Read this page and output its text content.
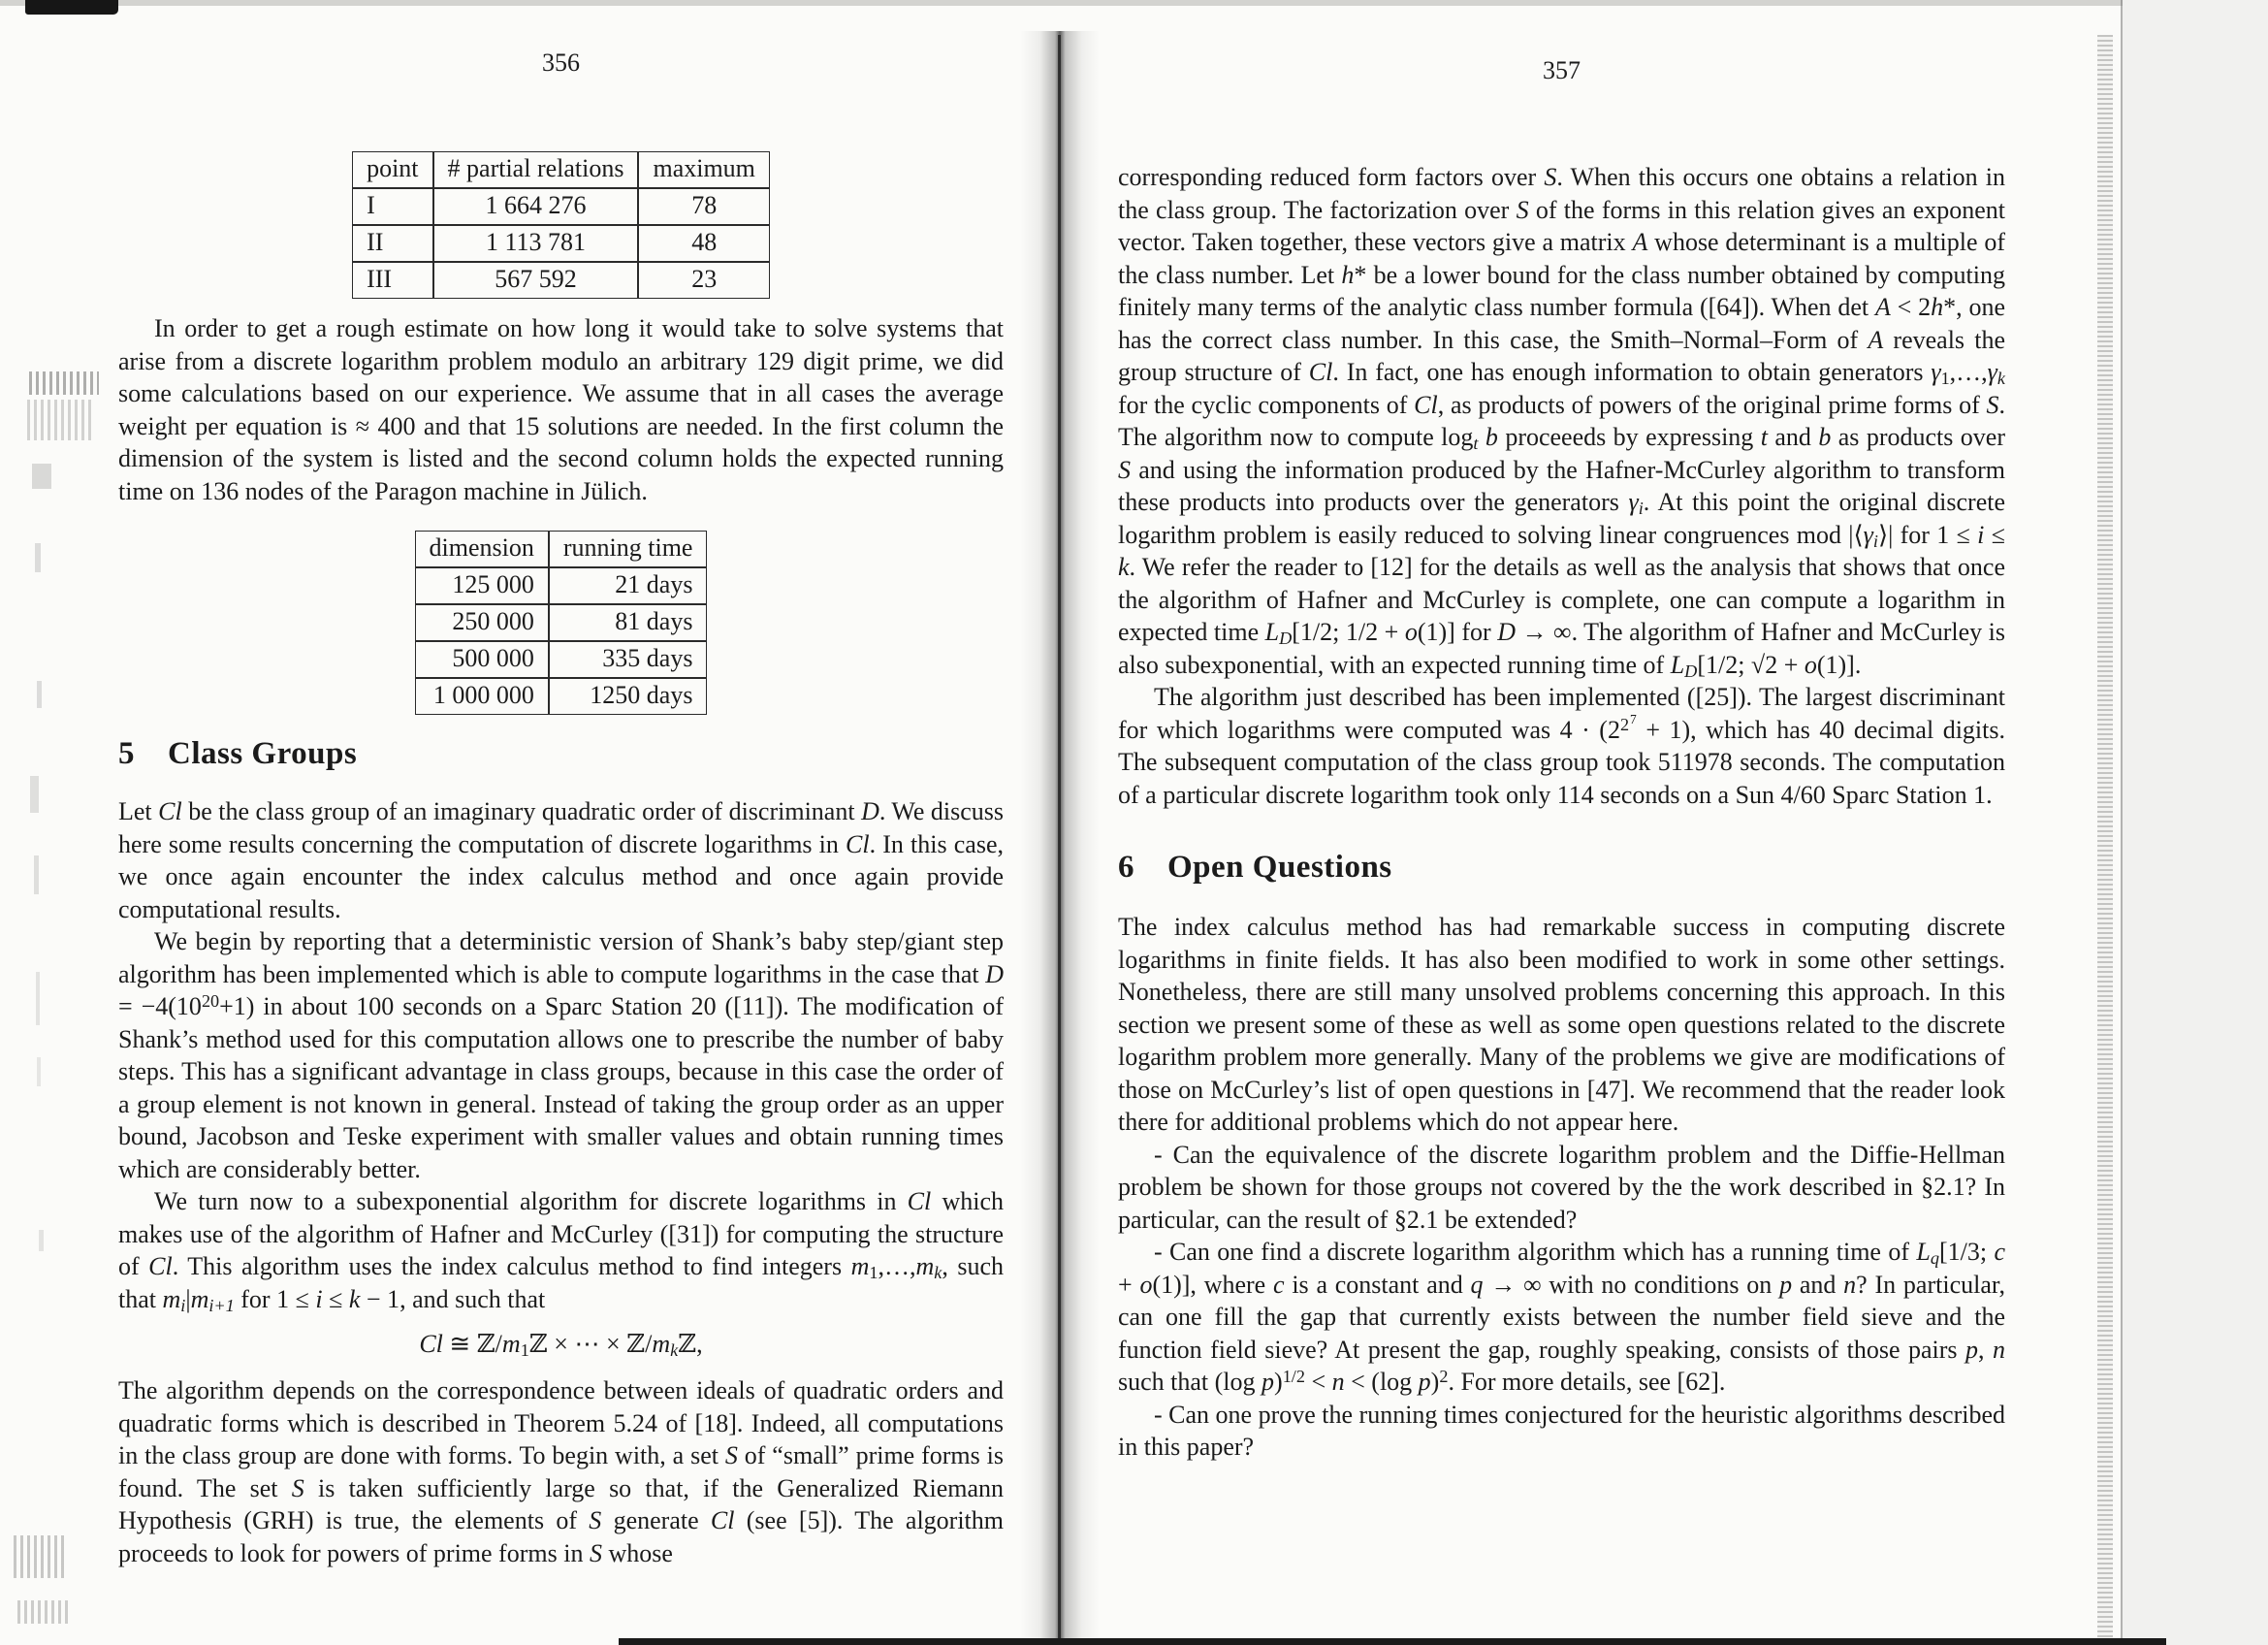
356
point	# partial relations	maximum
I	1 664 276	78
II	1 113 781	48
III	567 592	23

In order to get a rough estimate on how long it would take to solve systems that arise from a discrete logarithm problem modulo an arbitrary 129 digit prime, we did some calculations based on our experience. We assume that in all cases the average weight per equation is ≈ 400 and that 15 solutions are needed. In the first column the dimension of the system is listed and the second column holds the expected running time on 136 nodes of the Paragon machine in Jülich.

dimension	running time
125 000	21 days
250 000	81 days
500 000	335 days
1 000 000	1250 days
5 Class Groups

Let Cl be the class group of an imaginary quadratic order of discriminant D. We discuss here some results concerning the computation of discrete logarithms in Cl. In this case, we once again encounter the index calculus method and once again provide computational results.

We begin by reporting that a deterministic version of Shank’s baby step/giant step algorithm has been implemented which is able to compute logarithms in the case that $D = -4(10^{20}+1)$ in about 100 seconds on a Sparc Station 20 ([11]). The modification of Shank’s method used for this computation allows one to prescribe the number of baby steps. This has a significant advantage in class groups, because in this case the order of a group element is not known in general. Instead of taking the group order as an upper bound, Jacobson and Teske experiment with smaller values and obtain running times which are considerably better.

We turn now to a subexponential algorithm for discrete logarithms in Cl which makes use of the algorithm of Hafner and McCurley ([31]) for computing the structure of Cl. This algorithm uses the index calculus method to find integers $m_1,\dots,m_k$, such that $m_i|m_{i+1}$ for 1 ≤ i ≤ k − 1, and such that

Cl ≅ $ℤ/m_1ℤ$ × ⋯ × $ℤ/m_kℤ$,

The algorithm depends on the correspondence between ideals of quadratic orders and quadratic forms which is described in Theorem 5.24 of [18]. Indeed, all computations in the class group are done with forms. To begin with, a set S of “small” prime forms is found. The set S is taken sufficiently large so that, if the Generalized Riemann Hypothesis (GRH) is true, the elements of S generate Cl (see [5]). The algorithm proceeds to look for powers of prime forms in S whose

357

corresponding reduced form factors over S. When this occurs one obtains a relation in the class group. The factorization over S of the forms in this relation gives an exponent vector. Taken together, these vectors give a matrix A whose determinant is a multiple of the class number. Let h* be a lower bound for the class number obtained by computing finitely many terms of the analytic class number formula ([64]). When det A < 2h*, one has the correct class number. In this case, the Smith–Normal–Form of A reveals the group structure of Cl. In fact, one has enough information to obtain generators $\gamma_1,\dots,\gamma_k$ for the cyclic components of Cl, as products of powers of the original prime forms of S. The algorithm now to compute $\log_t b$ proceeeds by expressing t and b as products over S and using the information produced by the Hafner-McCurley algorithm to transform these products into products over the generators $\gamma_i$. At this point the original discrete logarithm problem is easily reduced to solving linear congruences mod $|⟨\gamma_i⟩|$ for 1 ≤ i ≤ k. We refer the reader to [12] for the details as well as the analysis that shows that once the algorithm of Hafner and McCurley is complete, one can compute a logarithm in expected time $L_D[1/2$; 1/2 + o(1)] for D → ∞. The algorithm of Hafner and McCurley is also subexponential, with an expected running time of $L_D[1/2$; √2 + o(1)].

The algorithm just described has been implemented ([25]). The largest discriminant for which logarithms were computed was $4 \cdot (2^{27} + 1)$, which has 40 decimal digits. The subsequent computation of the class group took 511978 seconds. The computation of a particular discrete logarithm took only 114 seconds on a Sun 4/60 Sparc Station 1.

6 Open Questions

The index calculus method has had remarkable success in computing discrete logarithms in finite fields. It has also been modified to work in some other settings. Nonetheless, there are still many unsolved problems concerning this approach. In this section we present some of these as well as some open questions related to the discrete logarithm problem more generally. Many of the problems we give are modifications of those on McCurley’s list of open questions in [47]. We recommend that the reader look there for additional problems which do not appear here.

- Can the equivalence of the discrete logarithm problem and the Diffie-Hellman problem be shown for those groups not covered by the the work described in §2.1? In particular, can the result of §2.1 be extended?

- Can one find a discrete logarithm algorithm which has a running time of $L_q[1/3$; c + o(1)], where c is a constant and q → ∞ with no conditions on p and n? In particular, can one fill the gap that currently exists between the number field sieve and the function field sieve? At present the gap, roughly speaking, consists of those pairs p, n such that (log p)$^{1/2}$ < n < (log p)$^2$. For more details, see [62].

- Can one prove the running times conjectured for the heuristic algorithms described in this paper?
